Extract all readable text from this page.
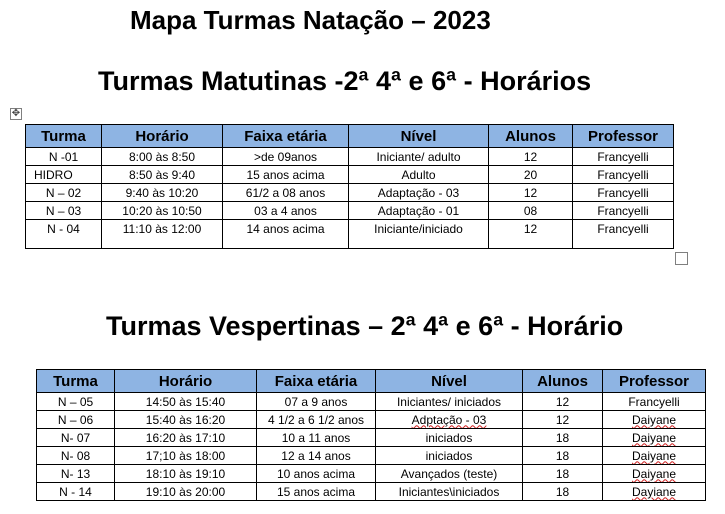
Mapa Turmas Natação – 2023
Turmas Matutinas -2ª 4ª e 6ª - Horários
✥
Turma	Horário	Faixa etária	Nível	Alunos	Professor
N -01	8:00 às 8:50	>de 09anos	Iniciante/ adulto	12	Francyelli
HIDRO	8:50 às 9:40	15 anos acima	Adulto	20	Francyelli
N – 02	9:40 às 10:20	61/2 a 08 anos	Adaptação - 03	12	Francyelli
N – 03	10:20 às 10:50	03 a 4 anos	Adaptação - 01	08	Francyelli
N - 04	11:10 às 12:00	14 anos acima	Iniciante/iniciado	12	Francyelli
Turmas Vespertinas – 2ª 4ª e 6ª - Horário
Turma	Horário	Faixa etária	Nível	Alunos	Professor
N – 05	14:50 às 15:40	07 a 9 anos	Iniciantes/ iniciados	12	Francyelli
N – 06	15:40 às 16:20	4 1/2 a 6 1/2 anos	Adptação - 03	12	Daiyane
N- 07	16:20 às 17:10	10 a 11 anos	iniciados	18	Daiyane
N- 08	17;10 às 18:00	12 a 14 anos	iniciados	18	Daiyane
N- 13	18:10 às 19:10	10 anos acima	Avançados (teste)	18	Daiyane
N - 14	19:10 às 20:00	15 anos acima	Iniciantes\iniciados	18	Dayiane
